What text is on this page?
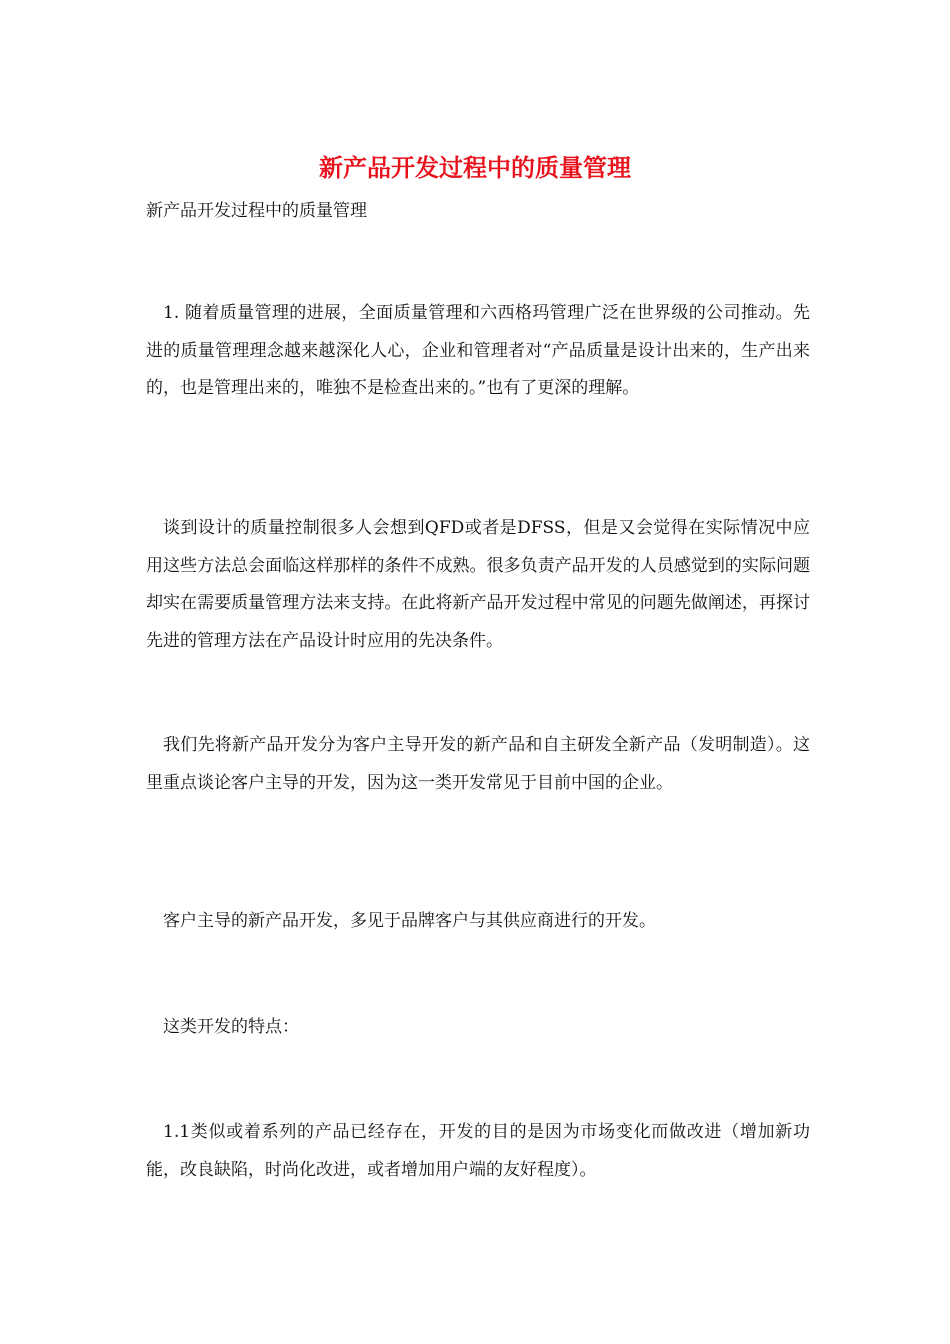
新产品开发过程中的质量管理

新产品开发过程中的质量管理

1. 随着质量管理的进展，全面质量管理和六西格玛管理广泛在世界级的公司推动。先进的质量管理理念越来越深化人心，企业和管理者对“产品质量是设计出来的，生产出来的，也是管理出来的，唯独不是检查出来的。”也有了更深的理解。

谈到设计的质量控制很多人会想到QFD或者是DFSS，但是又会觉得在实际情况中应用这些方法总会面临这样那样的条件不成熟。很多负责产品开发的人员感觉到的实际问题却实在需要质量管理方法来支持。在此将新产品开发过程中常见的问题先做阐述，再探讨先进的管理方法在产品设计时应用的先决条件。

我们先将新产品开发分为客户主导开发的新产品和自主研发全新产品（发明制造）。这里重点谈论客户主导的开发，因为这一类开发常见于目前中国的企业。

客户主导的新产品开发，多见于品牌客户与其供应商进行的开发。

这类开发的特点：

1.1类似或着系列的产品已经存在，开发的目的是因为市场变化而做改进（增加新功能，改良缺陷，时尚化改进，或者增加用户端的友好程度）。
